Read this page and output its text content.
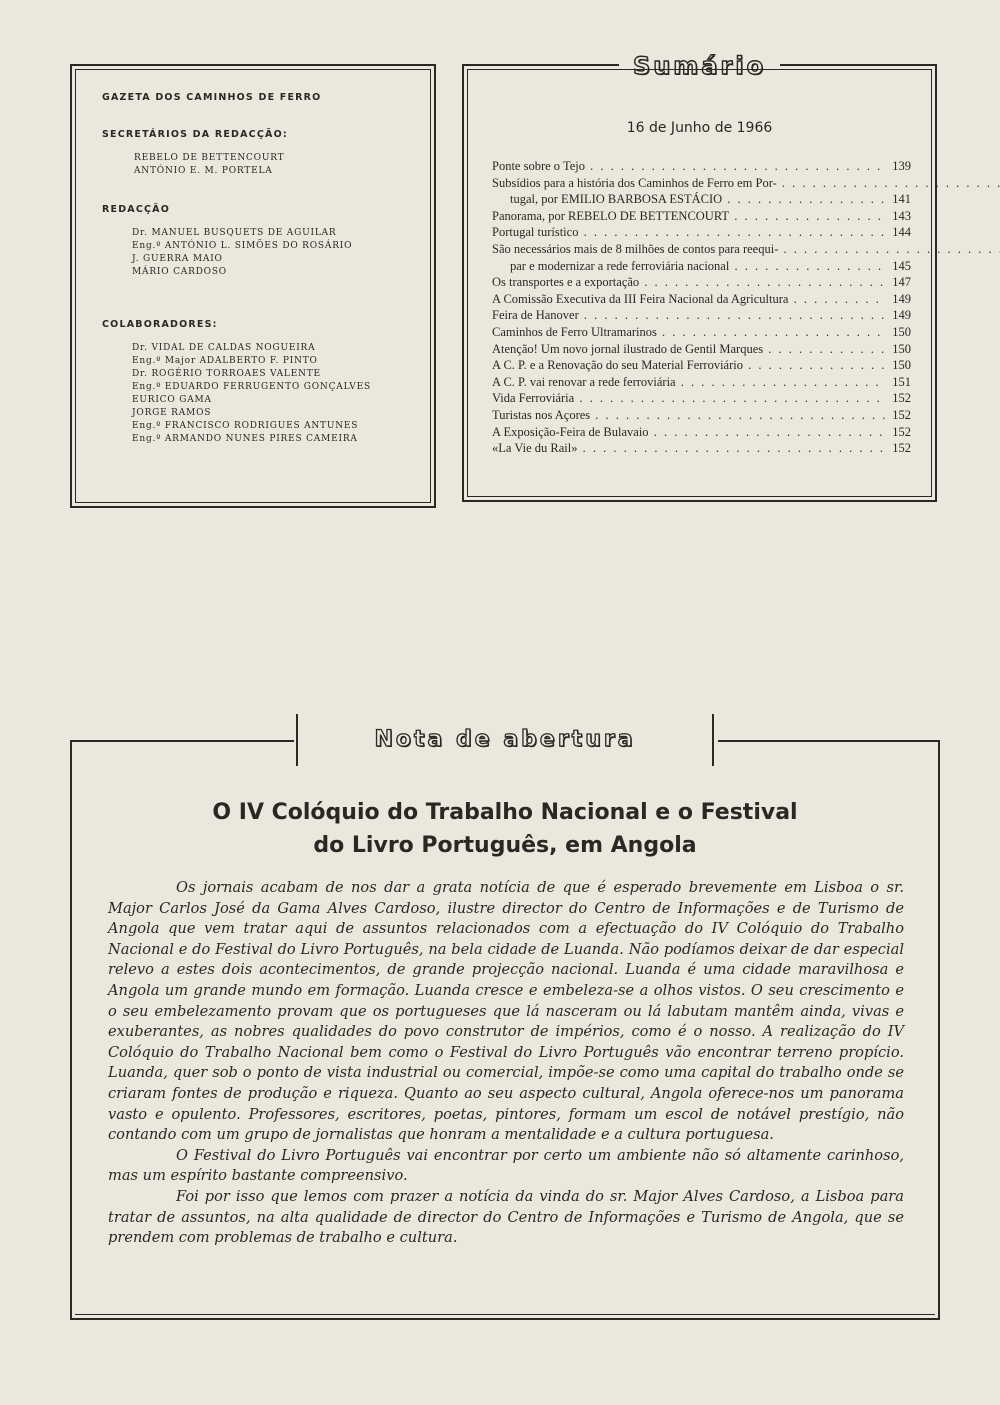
GAZETA DOS CAMINHOS DE FERRO

SECRETÁRIOS DA REDACÇÃO:

REBELO DE BETTENCOURT
ANTÓNIO E. M. PORTELA

REDACÇÃO

Dr. MANUEL BUSQUETS DE AGUILAR
Eng.º ANTÓNIO L. SIMÕES DO ROSÁRIO
J. GUERRA MAIO
MÁRIO CARDOSO

COLABORADORES:

Dr. VIDAL DE CALDAS NOGUEIRA
Eng.º Major ADALBERTO F. PINTO
Dr. ROGÉRIO TORROAES VALENTE
Eng.º EDUARDO FERRUGENTO GONÇALVES
EURICO GAMA
JORGE RAMOS
Eng.º FRANCISCO RODRIGUES ANTUNES
Eng.º ARMANDO NUNES PIRES CAMEIRA
Sumário
16 de Junho de 1966
Ponte sobre o Tejo . . .	139
Subsídios para a história dos Caminhos de Ferro em Por- . . .
tugal, por EMILIO BARBOSA ESTÁCIO . . .	141
Panorama, por REBELO DE BETTENCOURT . . .	143
Portugal turístico . . .	144
São necessários mais de 8 milhões de contos para reequi- . . .
par e modernizar a rede ferroviária nacional . . .	145
Os transportes e a exportação . . .	147
A Comissão Executiva da III Feira Nacional da Agricultura . . .	149
Feira de Hanover . . .	149
Caminhos de Ferro Ultramarinos . . .	150
Atenção! Um novo jornal ilustrado de Gentil Marques . . .	150
A C. P. e a Renovação do seu Material Ferroviário . . .	150
A C. P. vai renovar a rede ferroviária . . .	151
Vida Ferroviária . . .	152
Turistas nos Açores . . .	152
A Exposição-Feira de Bulavaio . . .	152
«La Vie du Rail» . . .	152
Nota de abertura
O IV Colóquio do Trabalho Nacional e o Festival
do Livro Português, em Angola

Os jornais acabam de nos dar a grata notícia de que é esperado brevemente em Lisboa o sr. Major Carlos José da Gama Alves Cardoso, ilustre director do Centro de Informações e de Turismo de Angola que vem tratar aqui de assuntos relacionados com a efectuação do IV Colóquio do Trabalho Nacional e do Festival do Livro Português, na bela cidade de Luanda. Não podíamos deixar de dar especial relevo a estes dois acontecimentos, de grande projecção nacional. Luanda é uma cidade maravilhosa e Angola um grande mundo em formação. Luanda cresce e embeleza-se a olhos vistos. O seu crescimento e o seu embelezamento provam que os portugueses que lá nasceram ou lá labutam mantêm ainda, vivas e exuberantes, as nobres qualidades do povo construtor de impérios, como é o nosso. A realização do IV Colóquio do Trabalho Nacional bem como o Festival do Livro Português vão encontrar terreno propício. Luanda, quer sob o ponto de vista industrial ou comercial, impõe-se como uma capital do trabalho onde se criaram fontes de produção e riqueza. Quanto ao seu aspecto cultural, Angola oferece-nos um panorama vasto e opulento. Professores, escritores, poetas, pintores, formam um escol de notável prestígio, não contando com um grupo de jornalistas que honram a mentalidade e a cultura portuguesa.

O Festival do Livro Português vai encontrar por certo um ambiente não só altamente carinhoso, mas um espírito bastante compreensivo.

Foi por isso que lemos com prazer a notícia da vinda do sr. Major Alves Cardoso, a Lisboa para tratar de assuntos, na alta qualidade de director do Centro de Informações e Turismo de Angola, que se prendem com problemas de trabalho e cultura.
